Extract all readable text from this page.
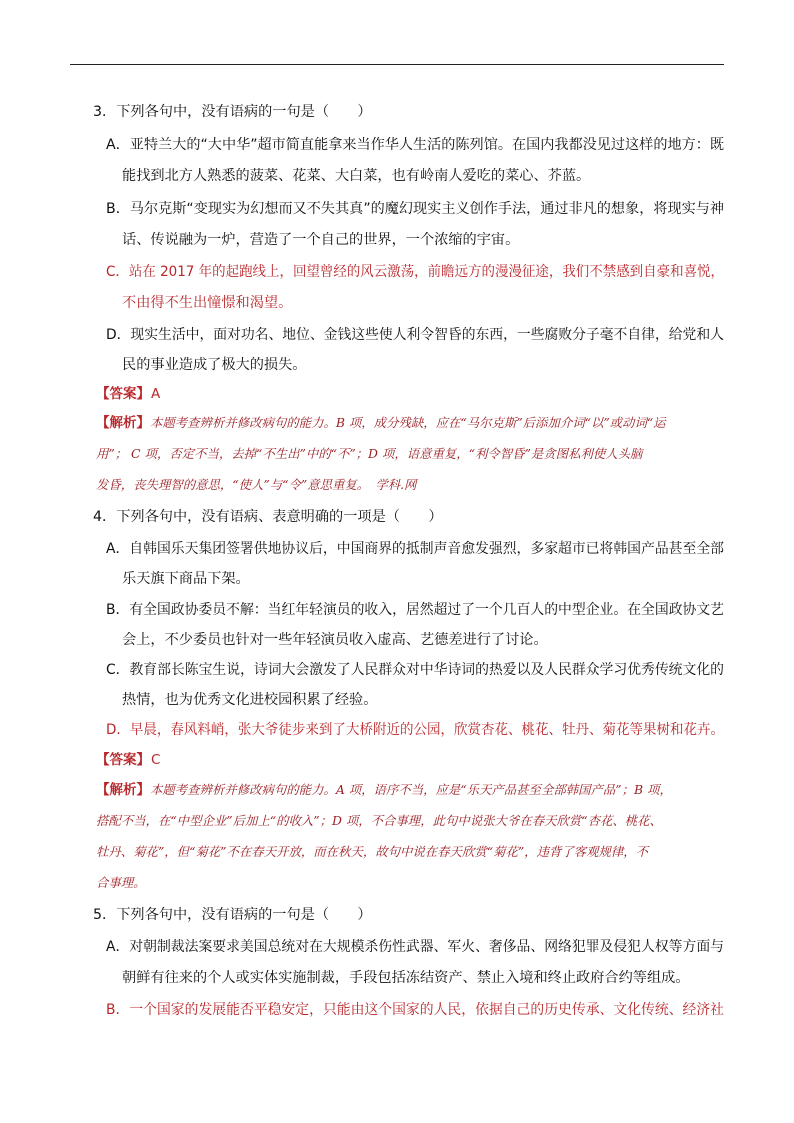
3．下列各句中，没有语病的一句是（　　）
A．亚特兰大的“大中华”超市简直能拿来当作华人生活的陈列馆。在国内我都没见过这样的地方：既
能找到北方人熟悉的菠菜、花菜、大白菜，也有岭南人爱吃的菜心、芥蓝。
B．马尔克斯“变现实为幻想而又不失其真”的魔幻现实主义创作手法，通过非凡的想象，将现实与神
话、传说融为一炉，营造了一个自己的世界，一个浓缩的宇宙。
C．站在 2017 年的起跑线上，回望曾经的风云激荡，前瞻远方的漫漫征途，我们不禁感到自豪和喜悦，
不由得不生出憧憬和渴望。
D．现实生活中，面对功名、地位、金钱这些使人利令智昏的东西，一些腐败分子毫不自律，给党和人
民的事业造成了极大的损失。
【答案】A
【解析】本题考查辨析并修改病句的能力。B 项，成分残缺，应在“马尔克斯”后添加介词“以”或动词“运
用”； C 项，否定不当，去掉“不生出”中的“不”；D 项，语意重复，“利令智昏”是贪图私利使人头脑
发昏，丧失理智的意思，“使人”与“令”意思重复。　学科.网
4．下列各句中，没有语病、表意明确的一项是（　　）
A．自韩国乐天集团签署供地协议后，中国商界的抵制声音愈发强烈，多家超市已将韩国产品甚至全部
乐天旗下商品下架。
B．有全国政协委员不解：当红年轻演员的收入，居然超过了一个几百人的中型企业。在全国政协文艺
会上，不少委员也针对一些年轻演员收入虚高、艺德差进行了讨论。
C．教育部长陈宝生说，诗词大会激发了人民群众对中华诗词的热爱以及人民群众学习优秀传统文化的
热情，也为优秀文化进校园积累了经验。
D．早晨，春风料峭，张大爷徒步来到了大桥附近的公园，欣赏杏花、桃花、牡丹、菊花等果树和花卉。
【答案】C
【解析】本题考查辨析并修改病句的能力。A 项，语序不当，应是“乐天产品甚至全部韩国产品”；B 项，
搭配不当，在“中型企业”后加上“的收入”；D 项，不合事理，此句中说张大爷在春天欣赏“杏花、桃花、
牡丹、菊花”，但“菊花”不在春天开放，而在秋天，故句中说在春天欣赏“菊花”，违背了客观规律，不
合事理。
5．下列各句中，没有语病的一句是（　　）
A．对朝制裁法案要求美国总统对在大规模杀伤性武器、军火、奢侈品、网络犯罪及侵犯人权等方面与
朝鲜有往来的个人或实体实施制裁，手段包括冻结资产、禁止入境和终止政府合约等组成。
B．一个国家的发展能否平稳安定，只能由这个国家的人民，依据自己的历史传承、文化传统、经济社
